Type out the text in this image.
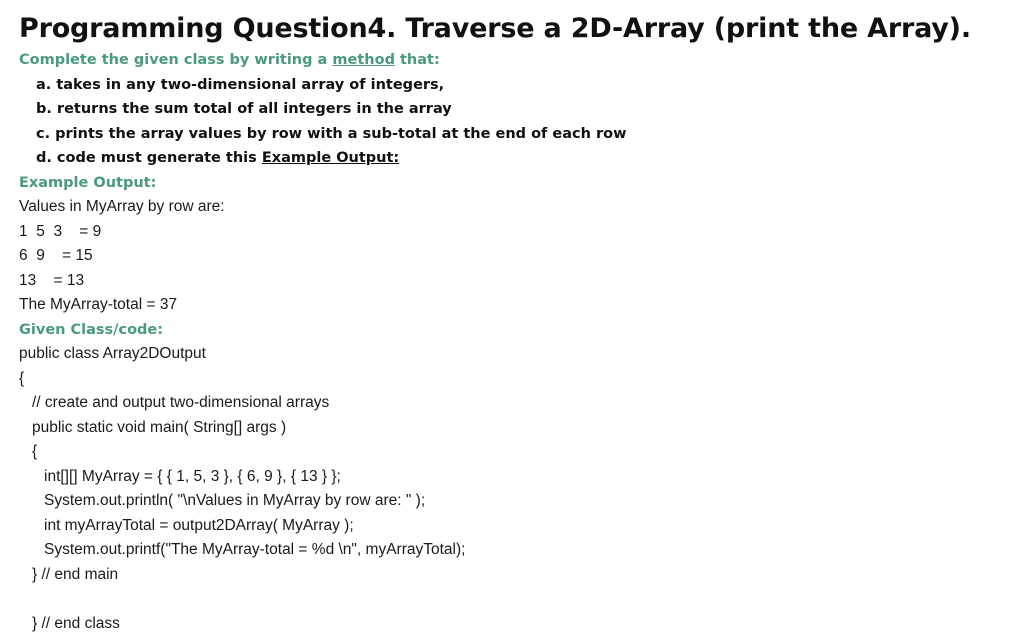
Programming Question4. Traverse a 2D-Array (print the Array).
Complete the given class by writing a method that:
a. takes in any two-dimensional array of integers,
b. returns the sum total of all integers in the array
c. prints the array values by row with a sub-total at the end of each row
d. code must generate this Example Output:
Example Output:
Values in MyArray by row are:
1  5  3    = 9
6  9    = 15
13    = 13
The MyArray-total = 37
Given Class/code:
public class Array2DOutput
{
// create and output two-dimensional arrays
public static void main( String[] args )
{
int[][] MyArray = { { 1, 5, 3 }, { 6, 9 }, { 13 } };
System.out.println( "\nValues in MyArray by row are: " );
int myArrayTotal = output2DArray( MyArray );
System.out.printf("The MyArray-total = %d \n", myArrayTotal);
} // end main
} // end class
